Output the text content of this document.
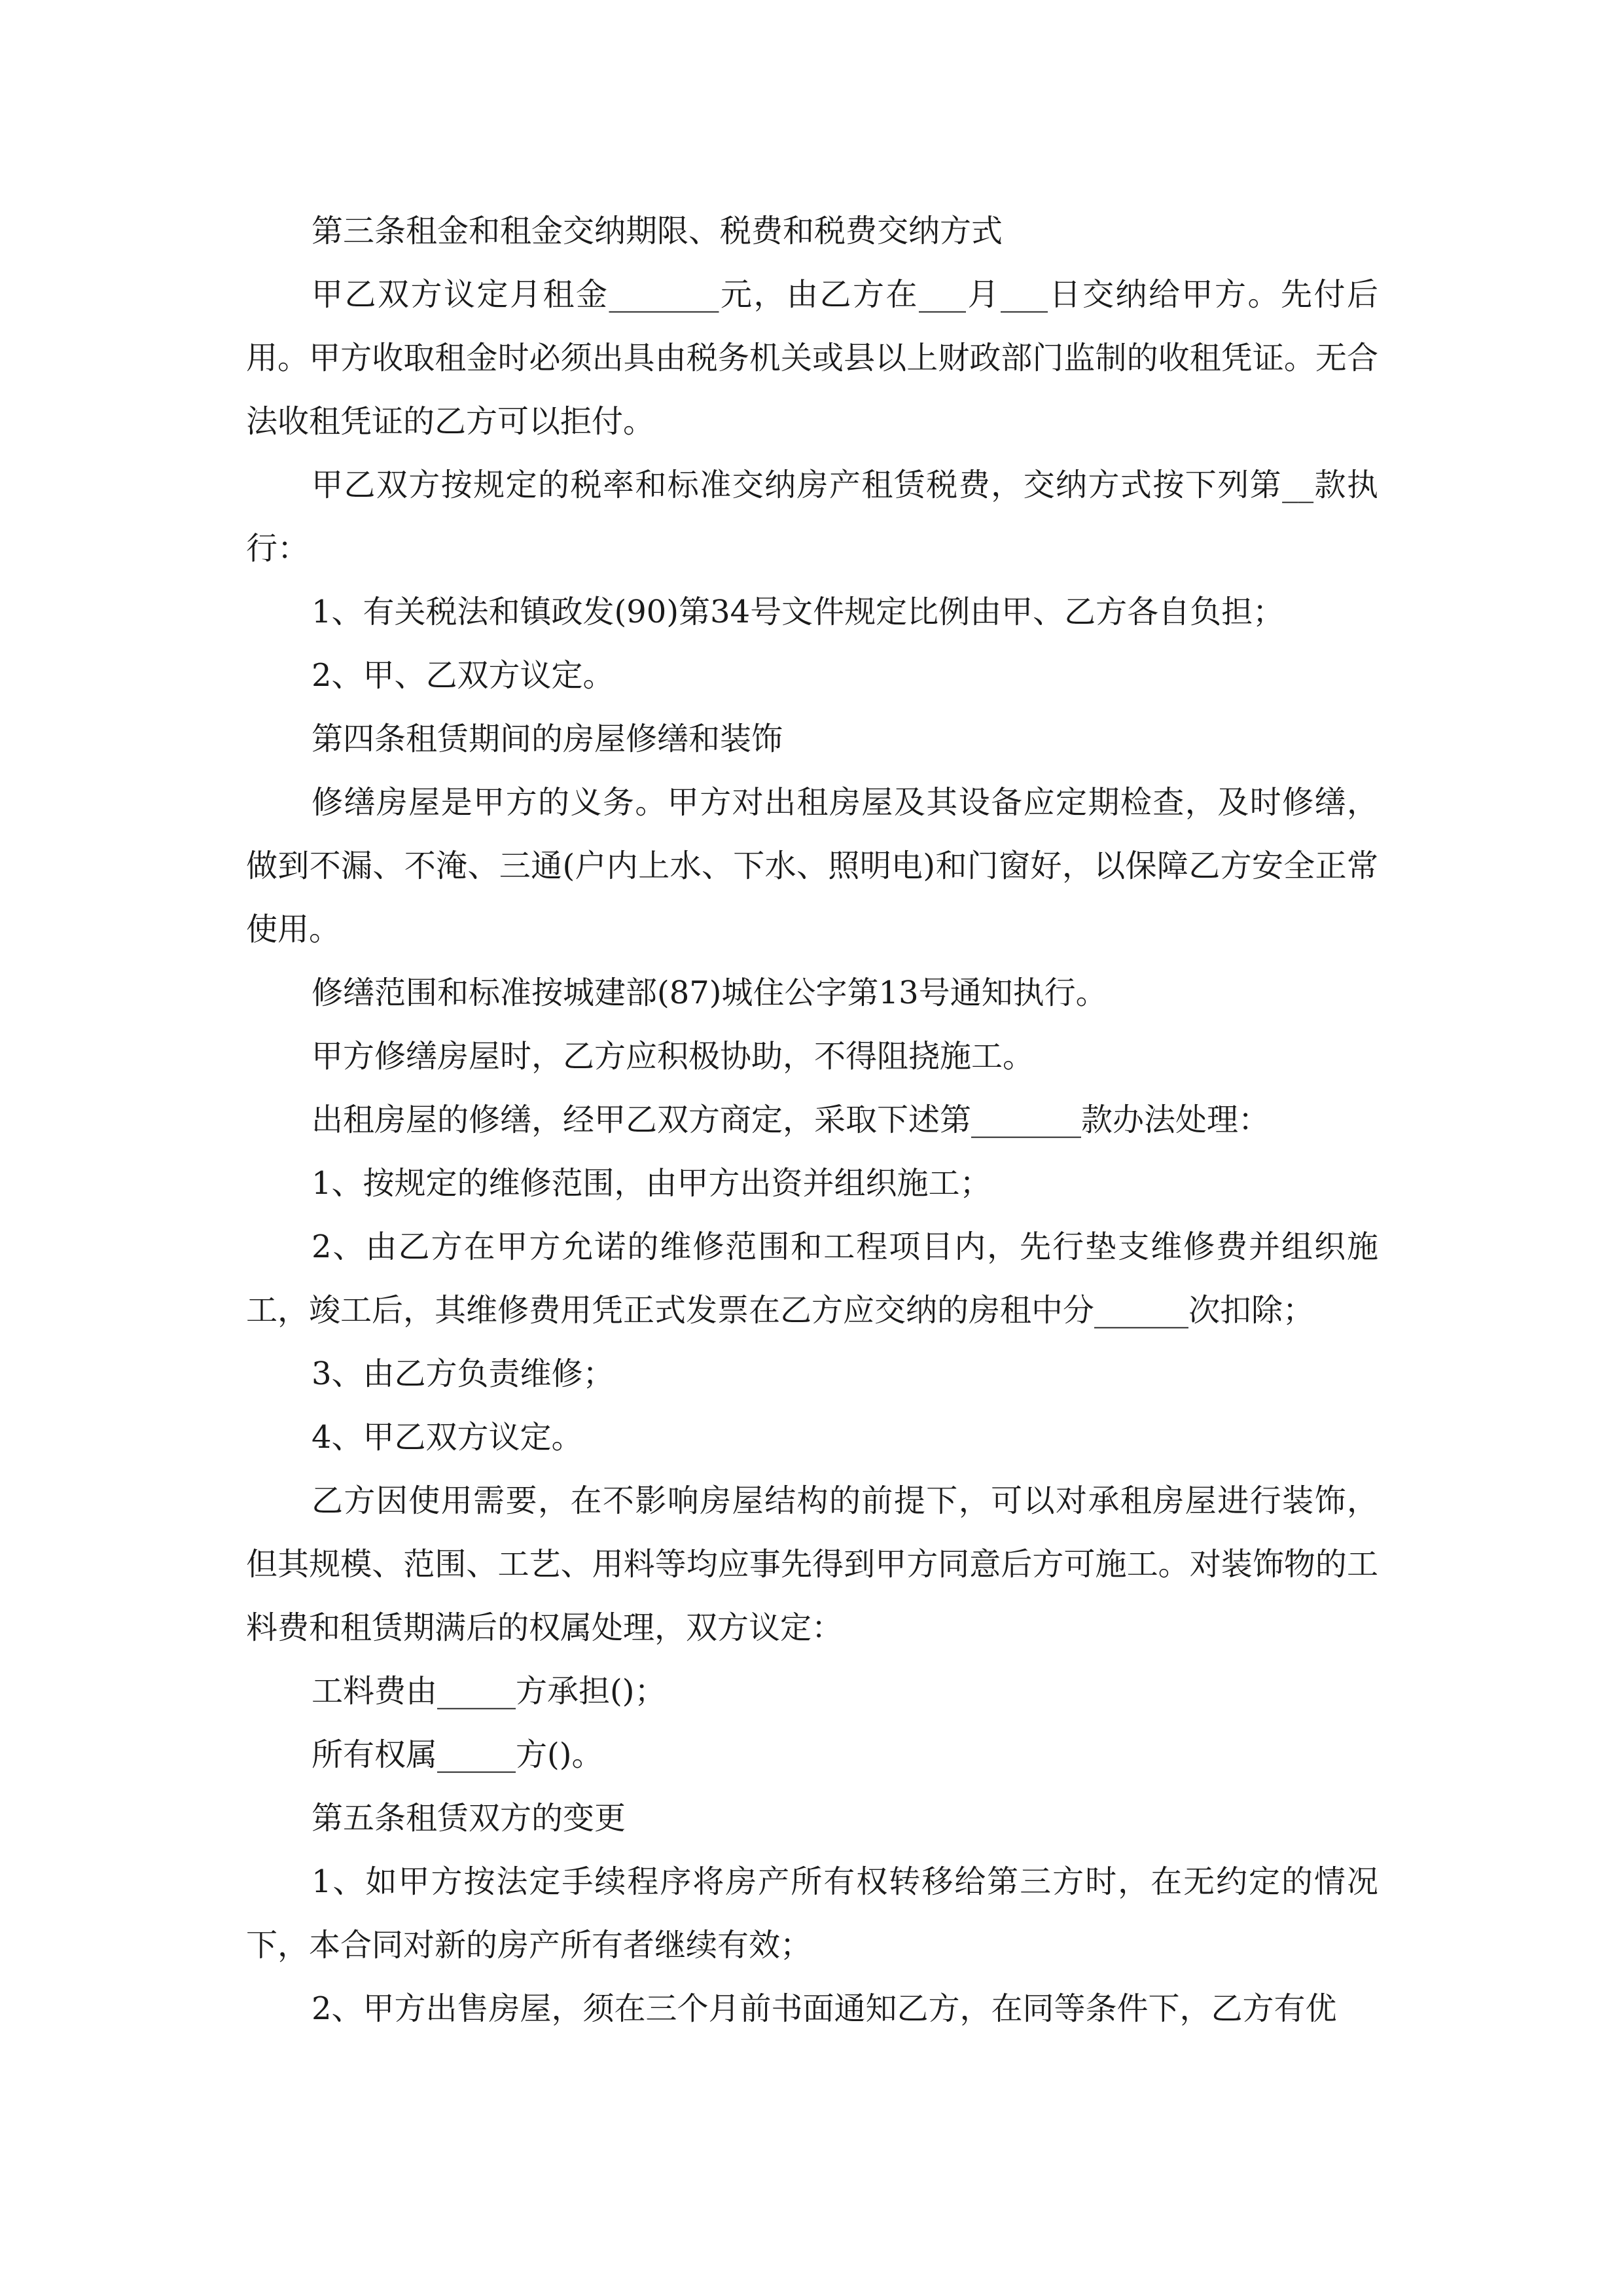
第三条租金和租金交纳期限、税费和税费交纳方式

甲乙双方议定月租金_______元，由乙方在___月___日交纳给甲方。先付后用。甲方收取租金时必须出具由税务机关或县以上财政部门监制的收租凭证。无合法收租凭证的乙方可以拒付。

甲乙双方按规定的税率和标准交纳房产租赁税费，交纳方式按下列第__款执行：

1、有关税法和镇政发(90)第34号文件规定比例由甲、乙方各自负担；

2、甲、乙双方议定。

第四条租赁期间的房屋修缮和装饰

修缮房屋是甲方的义务。甲方对出租房屋及其设备应定期检查，及时修缮，做到不漏、不淹、三通(户内上水、下水、照明电)和门窗好，以保障乙方安全正常使用。

修缮范围和标准按城建部(87)城住公字第13号通知执行。

甲方修缮房屋时，乙方应积极协助，不得阻挠施工。

出租房屋的修缮，经甲乙双方商定，采取下述第_______款办法处理：

1、按规定的维修范围，由甲方出资并组织施工；

2、由乙方在甲方允诺的维修范围和工程项目内，先行垫支维修费并组织施工，竣工后，其维修费用凭正式发票在乙方应交纳的房租中分______次扣除；

3、由乙方负责维修；

4、甲乙双方议定。

乙方因使用需要，在不影响房屋结构的前提下，可以对承租房屋进行装饰，但其规模、范围、工艺、用料等均应事先得到甲方同意后方可施工。对装饰物的工料费和租赁期满后的权属处理，双方议定：

工料费由_____方承担()；

所有权属_____方()。

第五条租赁双方的变更

1、如甲方按法定手续程序将房产所有权转移给第三方时，在无约定的情况下，本合同对新的房产所有者继续有效；

2、甲方出售房屋，须在三个月前书面通知乙方，在同等条件下，乙方有优
